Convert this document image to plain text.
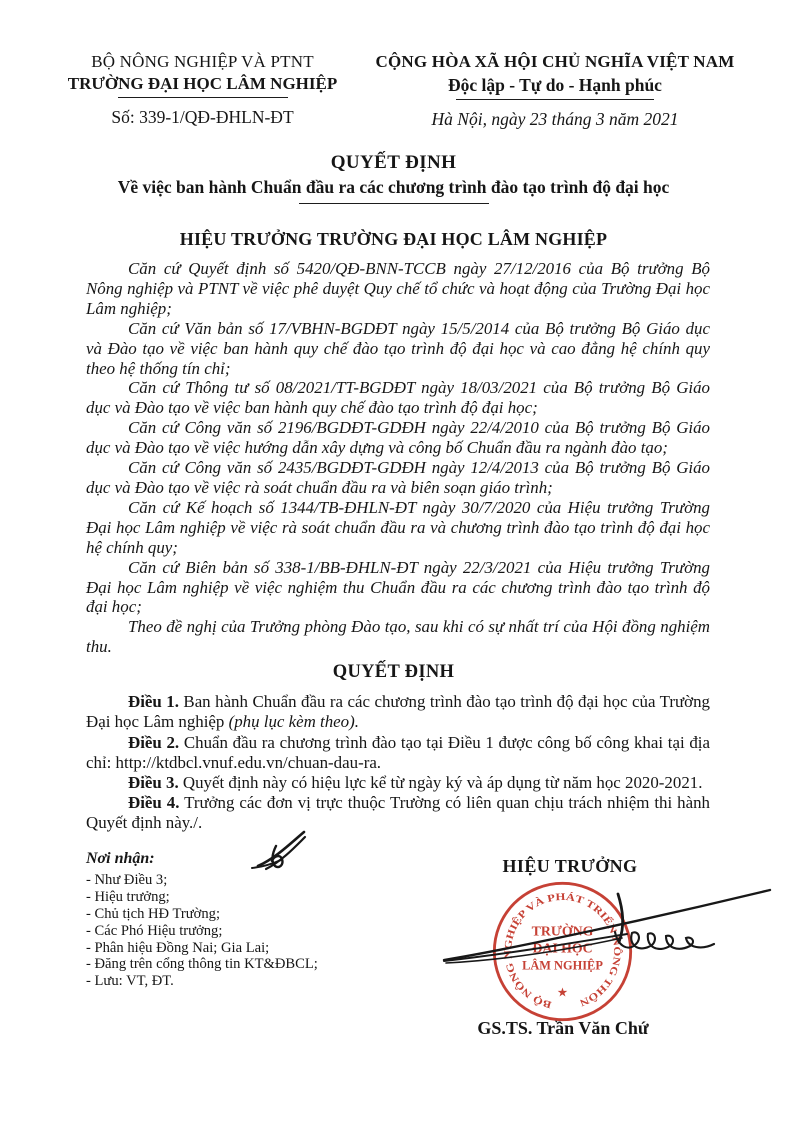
BỘ NÔNG NGHIỆP VÀ PTNT
TRƯỜNG ĐẠI HỌC LÂM NGHIỆP
Số: 339-1/QĐ-ĐHLN-ĐT
CỘNG HÒA XÃ HỘI CHỦ NGHĨA VIỆT NAM
Độc lập - Tự do - Hạnh phúc
Hà Nội, ngày 23 tháng 3 năm 2021
QUYẾT ĐỊNH
Về việc ban hành Chuẩn đầu ra các chương trình đào tạo trình độ đại học
HIỆU TRƯỞNG TRƯỜNG ĐẠI HỌC LÂM NGHIỆP

Căn cứ Quyết định số 5420/QĐ-BNN-TCCB ngày 27/12/2016 của Bộ trưởng Bộ Nông nghiệp và PTNT về việc phê duyệt Quy chế tổ chức và hoạt động của Trường Đại học Lâm nghiệp;

Căn cứ Văn bản số 17/VBHN-BGDĐT ngày 15/5/2014 của Bộ trưởng Bộ Giáo dục và Đào tạo về việc ban hành quy chế đào tạo trình độ đại học và cao đẳng hệ chính quy theo hệ thống tín chỉ;

Căn cứ Thông tư số 08/2021/TT-BGDĐT ngày 18/03/2021 của Bộ trưởng Bộ Giáo dục và Đào tạo về việc ban hành quy chế đào tạo trình độ đại học;

Căn cứ Công văn số 2196/BGDĐT-GDĐH ngày 22/4/2010 của Bộ trưởng Bộ Giáo dục và Đào tạo về việc hướng dẫn xây dựng và công bố Chuẩn đầu ra ngành đào tạo;

Căn cứ Công văn số 2435/BGDĐT-GDĐH ngày 12/4/2013 của Bộ trưởng Bộ Giáo dục và Đào tạo về việc rà soát chuẩn đầu ra và biên soạn giáo trình;

Căn cứ Kế hoạch số 1344/TB-ĐHLN-ĐT ngày 30/7/2020 của Hiệu trưởng Trường Đại học Lâm nghiệp về việc rà soát chuẩn đầu ra và chương trình đào tạo trình độ đại học hệ chính quy;

Căn cứ Biên bản số 338-1/BB-ĐHLN-ĐT ngày 22/3/2021 của Hiệu trưởng Trường Đại học Lâm nghiệp về việc nghiệm thu Chuẩn đầu ra các chương trình đào tạo trình độ đại học;

Theo đề nghị của Trưởng phòng Đào tạo, sau khi có sự nhất trí của Hội đồng nghiệm thu.

QUYẾT ĐỊNH

Điều 1. Ban hành Chuẩn đầu ra các chương trình đào tạo trình độ đại học của Trường Đại học Lâm nghiệp (phụ lục kèm theo).

Điều 2. Chuẩn đầu ra chương trình đào tạo tại Điều 1 được công bố công khai tại địa chỉ: http://ktdbcl.vnuf.edu.vn/chuan-dau-ra.

Điều 3. Quyết định này có hiệu lực kể từ ngày ký và áp dụng từ năm học 2020-2021.

Điều 4. Trưởng các đơn vị trực thuộc Trường có liên quan chịu trách nhiệm thi hành Quyết định này./.

Nơi nhận:

- Như Điều 3;

- Hiệu trưởng;

- Chủ tịch HĐ Trường;

- Các Phó Hiệu trưởng;

- Phân hiệu Đồng Nai; Gia Lai;

- Đăng trên cổng thông tin KT&ĐBCL;

- Lưu: VT, ĐT.

HIỆU TRƯỞNG
BỘ NÔNG NGHIỆP VÀ PHÁT TRIỂN NÔNG THÔN
TRƯỜNG
ĐẠI HỌC
LÂM NGHIỆP
★
GS.TS. Trần Văn Chứ
